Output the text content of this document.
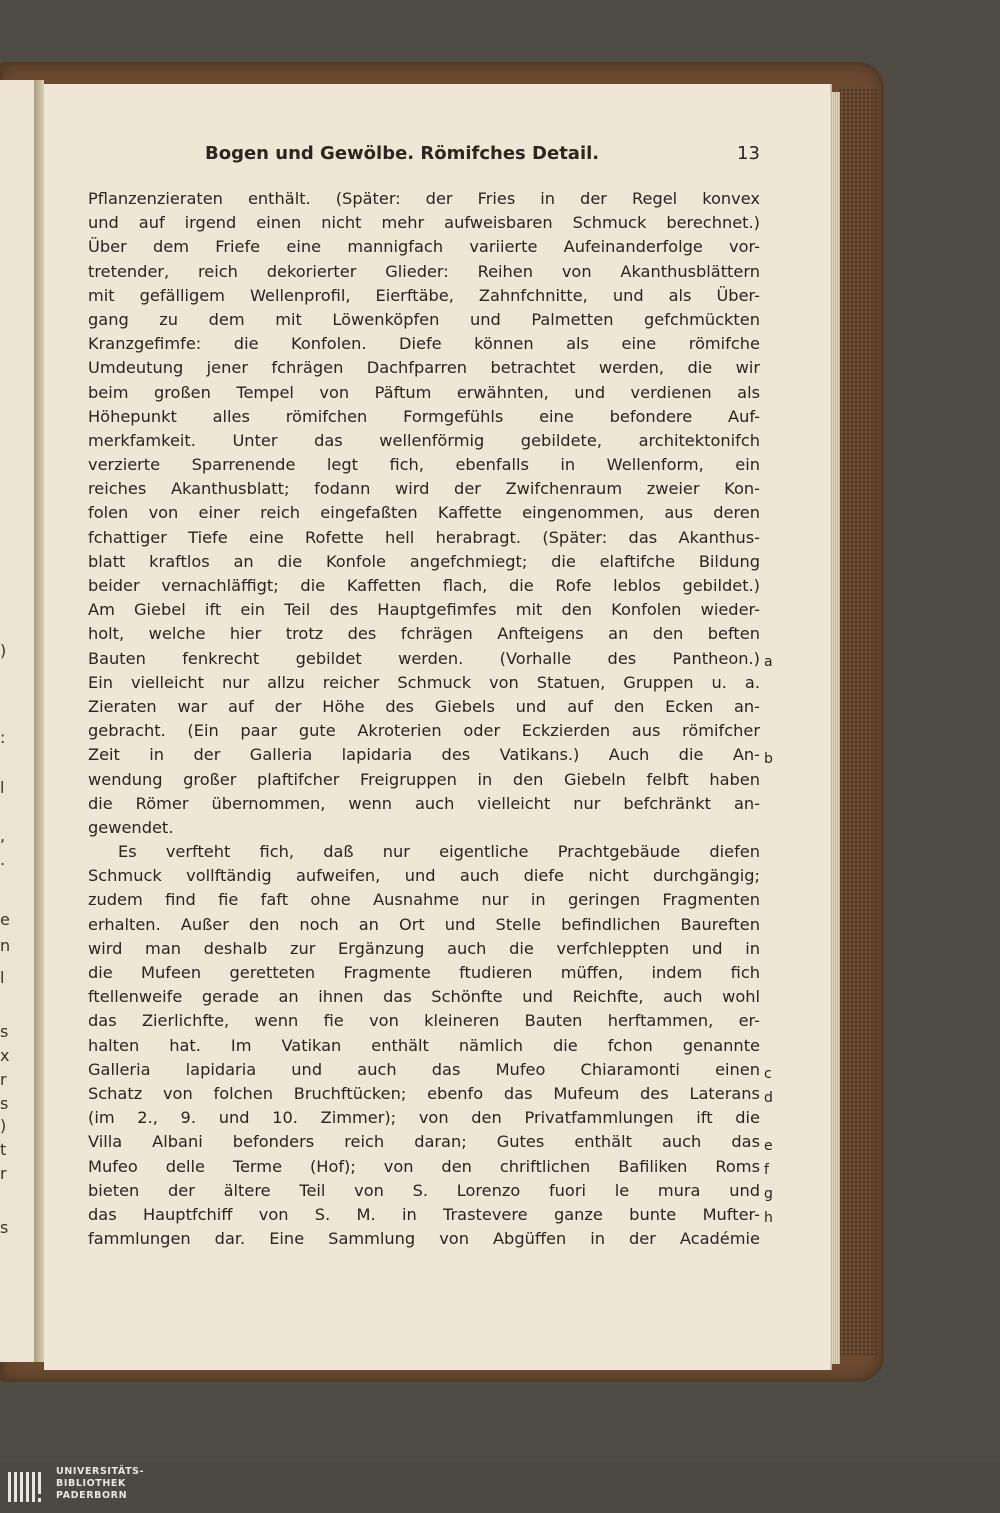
)
:
l
,
.
e
n
l
s
x
r
s
)
t
r
s
Bogen und Gewölbe. Römifches Detail.	13
Pflanzenzieraten enthält. (Später: der Fries in der Regel konvex
und auf irgend einen nicht mehr aufweisbaren Schmuck berechnet.)
Über dem Friefe eine mannigfach variierte Aufeinanderfolge vor-
tretender, reich dekorierter Glieder: Reihen von Akanthusblättern
mit gefälligem Wellenprofil, Eierftäbe, Zahnfchnitte, und als Über-
gang zu dem mit Löwenköpfen und Palmetten gefchmückten
Kranzgefimfe: die Konfolen. Diefe können als eine römifche
Umdeutung jener fchrägen Dachfparren betrachtet werden, die wir
beim großen Tempel von Päftum erwähnten, und verdienen als
Höhepunkt alles römifchen Formgefühls eine befondere Auf-
merkfamkeit. Unter das wellenförmig gebildete, architektonifch
verzierte Sparrenende legt fich, ebenfalls in Wellenform, ein
reiches Akanthusblatt; fodann wird der Zwifchenraum zweier Kon-
folen von einer reich eingefaßten Kaffette eingenommen, aus deren
fchattiger Tiefe eine Rofette hell herabragt. (Später: das Akanthus-
blatt kraftlos an die Konfole angefchmiegt; die elaftifche Bildung
beider vernachläffigt; die Kaffetten flach, die Rofe leblos gebildet.)
Am Giebel ift ein Teil des Hauptgefimfes mit den Konfolen wieder-
holt, welche hier trotz des fchrägen Anfteigens an den beften
Bauten fenkrecht gebildet werden. (Vorhalle des Pantheon.)
Ein vielleicht nur allzu reicher Schmuck von Statuen, Gruppen u. a.
Zieraten war auf der Höhe des Giebels und auf den Ecken an-
gebracht. (Ein paar gute Akroterien oder Eckzierden aus römifcher
Zeit in der Galleria lapidaria des Vatikans.) Auch die An-
wendung großer plaftifcher Freigruppen in den Giebeln felbft haben
die Römer übernommen, wenn auch vielleicht nur befchränkt an-
gewendet.
Es verfteht fich, daß nur eigentliche Prachtgebäude diefen
Schmuck vollftändig aufweifen, und auch diefe nicht durchgängig;
zudem find fie faft ohne Ausnahme nur in geringen Fragmenten
erhalten. Außer den noch an Ort und Stelle befindlichen Baureften
wird man deshalb zur Ergänzung auch die verfchleppten und in
die Mufeen geretteten Fragmente ftudieren müffen, indem fich
ftellenweife gerade an ihnen das Schönfte und Reichfte, auch wohl
das Zierlichfte, wenn fie von kleineren Bauten herftammen, er-
halten hat. Im Vatikan enthält nämlich die fchon genannte
Galleria lapidaria und auch das Mufeo Chiaramonti einen
Schatz von folchen Bruchftücken; ebenfo das Mufeum des Laterans
(im 2., 9. und 10. Zimmer); von den Privatfammlungen ift die
Villa Albani befonders reich daran; Gutes enthält auch das
Mufeo delle Terme (Hof); von den chriftlichen Bafiliken Roms
bieten der ältere Teil von S. Lorenzo fuori le mura und
das Hauptfchiff von S. M. in Trastevere ganze bunte Mufter-
fammlungen dar. Eine Sammlung von Abgüffen in der Académie
a
b
c
d
e
f
g
h
UNIVERSITÄTS-
BIBLIOTHEK
PADERBORN
